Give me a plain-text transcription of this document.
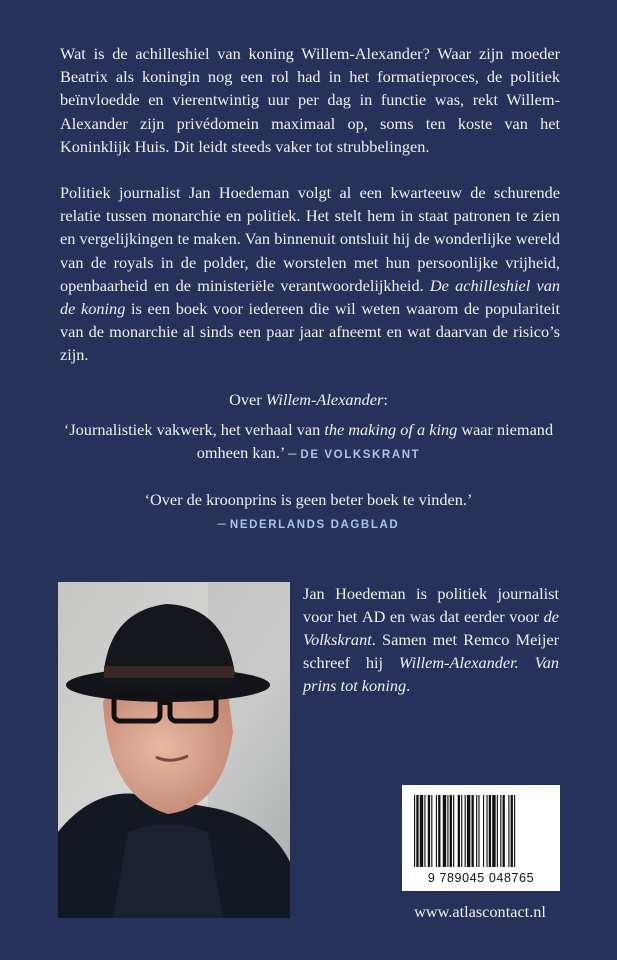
Wat is de achilleshiel van koning Willem-Alexander? Waar zijn moeder Beatrix als koningin nog een rol had in het formatieproces, de politiek beïnvloedde en vierentwintig uur per dag in functie was, rekt Willem-Alexander zijn privédomein maximaal op, soms ten koste van het Koninklijk Huis. Dit leidt steeds vaker tot strubbelingen.

Politiek journalist Jan Hoedeman volgt al een kwarteeuw de schurende relatie tussen monarchie en politiek. Het stelt hem in staat patronen te zien en vergelijkingen te maken. Van binnenuit ontsluit hij de wonderlijke wereld van de royals in de polder, die worstelen met hun persoonlijke vrijheid, openbaarheid en de ministeriële verantwoordelijkheid. De achilleshiel van de koning is een boek voor iedereen die wil weten waarom de populariteit van de monarchie al sinds een paar jaar afneemt en wat daarvan de risico’s zijn.

Over Willem-Alexander:
‘Journalistiek vakwerk, het verhaal van the making of a king waar niemand omheen kan.’ – DE VOLKSKRANT
‘Over de kroonprins is geen beter boek te vinden.’
– NEDERLANDS DAGBLAD

Jan Hoedeman is politiek journalist voor het AD en was dat eerder voor de Volkskrant. Samen met Remco Meijer schreef hij Willem-Alexander. Van prins tot koning.

9 789045 048765
www.atlascontact.nl
